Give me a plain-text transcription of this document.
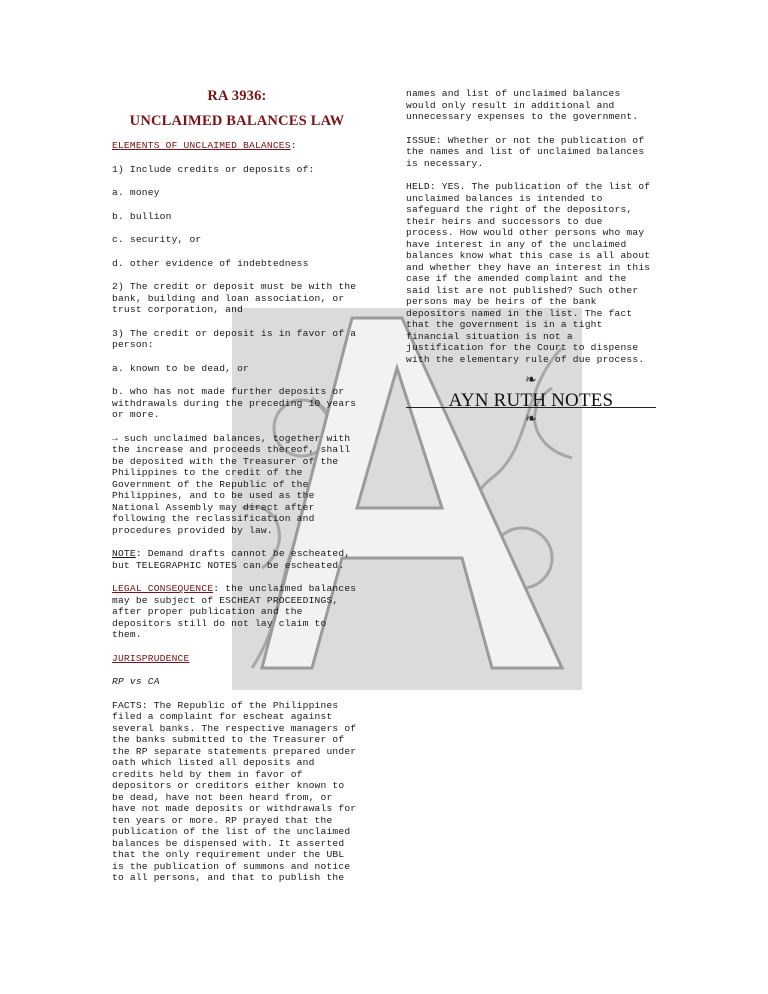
RA 3936:
UNCLAIMED BALANCES LAW

ELEMENTS OF UNCLAIMED BALANCES:

1) Include credits or deposits of:

a. money

b. bullion

c. security, or

d. other evidence of indebtedness

2) The credit or deposit must be with the bank, building and loan association, or trust corporation, and

3) The credit or deposit is in favor of a person:

a. known to be dead, or

b. who has not made further deposits or withdrawals during the preceding 10 years or more.

→ such unclaimed balances, together with the increase and proceeds thereof, shall be deposited with the Treasurer of the Philippines to the credit of the Government of the Republic of the Philippines, and to be used as the National Assembly may direct after following the reclassification and procedures provided by law.

NOTE: Demand drafts cannot be escheated, but TELEGRAPHIC NOTES can be escheated.

LEGAL CONSEQUENCE: the unclaimed balances may be subject of ESCHEAT PROCEEDINGS, after proper publication and the depositors still do not lay claim to them.

JURISPRUDENCE

RP vs CA

FACTS: The Republic of the Philippines filed a complaint for escheat against several banks. The respective managers of the banks submitted to the Treasurer of the RP separate statements prepared under oath which listed all deposits and credits held by them in favor of depositors or creditors either known to be dead, have not been heard from, or have not made deposits or withdrawals for ten years or more. RP prayed that the publication of the list of the unclaimed balances be dispensed with. It asserted that the only requirement under the UBL is the publication of summons and notice to all persons, and that to publish the

names and list of unclaimed balances would only result in additional and unnecessary expenses to the government.

ISSUE: Whether or not the publication of the names and list of unclaimed balances is necessary.

HELD: YES. The publication of the list of unclaimed balances is intended to safeguard the right of the depositors, their heirs and successors to due process. How would other persons who may have interest in any of the unclaimed balances know what this case is all about and whether they have an interest in this case if the amended complaint and the said list are not published? Such other persons may be heirs of the bank depositors named in the list. The fact that the government is in a tight financial situation is not a justification for the Court to dispense with the elementary rule of due process.

❧
AYN RUTH NOTES
❧
